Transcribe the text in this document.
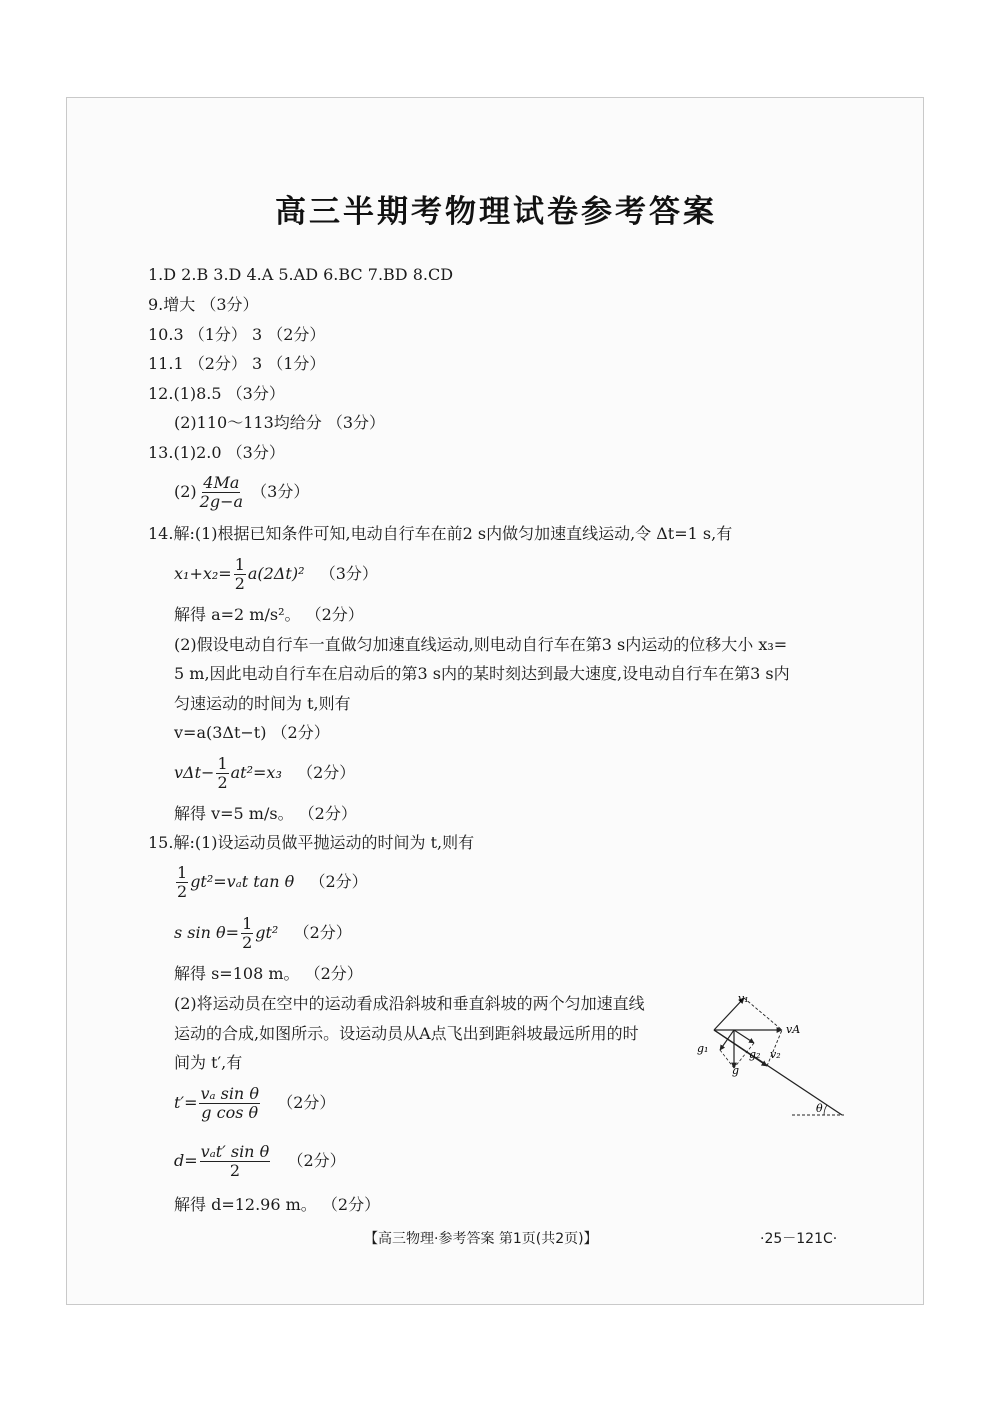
高三半期考物理试卷参考答案
1.D 2.B 3.D 4.A 5.AD 6.BC 7.BD 8.CD
9.增大 （3分）
10.3 （1分） 3 （2分）
11.1 （2分） 3 （1分）
12.(1)8.5 （3分）
(2)110～113均给分 （3分）
13.(1)2.0 （3分）
$(2) \frac{4Ma}{2g-a} (3$分）
14.解:(1)根据已知条件可知,电动自行车在前2 s内做匀加速直线运动,令 Δt=1 s,有
$x_1+x_2= \frac{1}{2} a(2\Delta t)^2$ （3分）
解得 a=2 m/s²。 （2分）
(2)假设电动自行车一直做匀加速直线运动,则电动自行车在第3 s内运动的位移大小 x₃=
5 m,因此电动自行车在启动后的第3 s内的某时刻达到最大速度,设电动自行车在第3 s内
匀速运动的时间为 t,则有
v=a(3Δt−t) （2分）
$v\Delta t- \frac{1}{2} at^2=x_3$ （2分）
解得 v=5 m/s。 （2分）
15.解:(1)设运动员做平抛运动的时间为 t,则有
$\frac{1}{2} gt^2=v_at$ tan θ （2分）
s $\sin \theta= \frac{1}{2} gt^2$ （2分）
解得 s=108 m。 （2分）
(2)将运动员在空中的运动看成沿斜坡和垂直斜坡的两个匀加速直线
运动的合成,如图所示。设运动员从A点飞出到距斜坡最远所用的时
间为 t′,有
$t'= \frac{\text{vₐ sin θ}}{\text{g cos θ}} (2$分）
$d= \frac{\text{vₐt′ sin θ}}{2} (2$分）
解得 d=12.96 m。 （2分）
v₁
vA
v₂
g₁	g₂
g
θ
【高三物理·参考答案 第1页(共2页)】	·25－121C·
